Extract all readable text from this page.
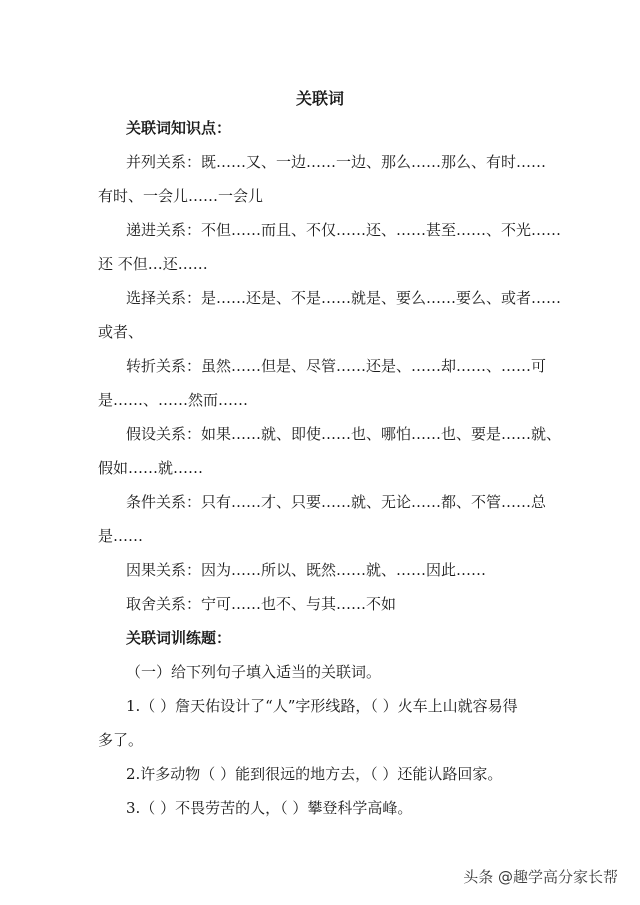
关联词
关联词知识点：
并列关系：既……又、一边……一边、那么……那么、有时……
有时、一会儿……一会儿
递进关系：不但……而且、不仅……还、……甚至……、不光……
还 不但…还……
选择关系：是……还是、不是……就是、要么……要么、或者……
或者、
转折关系：虽然……但是、尽管……还是、……却……、……可
是……、……然而……
假设关系：如果……就、即使……也、哪怕……也、要是……就、
假如……就……
条件关系：只有……才、只要……就、无论……都、不管……总
是……
因果关系：因为……所以、既然……就、……因此……
取舍关系：宁可……也不、与其……不如
关联词训练题：
（一）给下列句子填入适当的关联词。
1.（ ）詹天佑设计了“人”字形线路，（ ）火车上山就容易得
多了。
2.许多动物（ ）能到很远的地方去，（ ）还能认路回家。
3.（ ）不畏劳苦的人，（ ）攀登科学高峰。
头条 @趣学高分家长帮
